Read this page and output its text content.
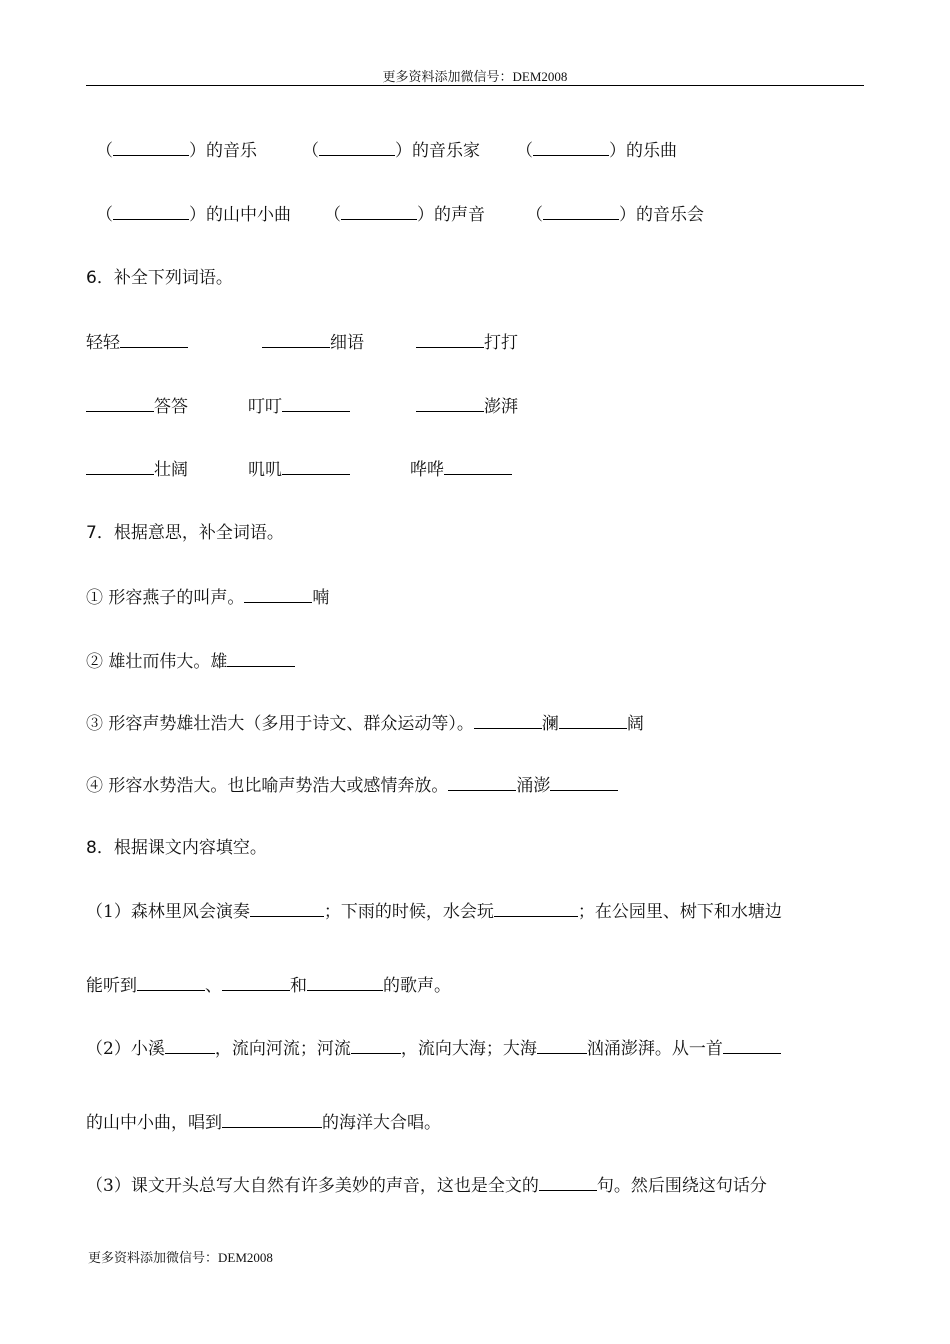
更多资料添加微信号：DEM2008
（	）的音乐	（	）的音乐家 （	）的乐曲
（	）的山中小曲 （	）的声音 （	）的音乐会
6．补全下列词语。
轻轻	细语	打打
答答	叮叮	澎湃
壮阔	叽叽	哗哗
7．根据意思，补全词语。
① 形容燕子的叫声。	喃
② 雄壮而伟大。雄
③ 形容声势雄壮浩大（多用于诗文、群众运动等）。	澜	阔
④ 形容水势浩大。也比喻声势浩大或感情奔放。	涌澎
8．根据课文内容填空。
（1）森林里风会演奏	；下雨的时候，水会玩	；在公园里、树下和水塘边
能听到	、	和	的歌声。
（2）小溪	，流向河流；河流	，流向大海；大海	汹涌澎湃。从一首
的山中小曲，唱到	的海洋大合唱。
（3）课文开头总写大自然有许多美妙的声音，这也是全文的	句。然后围绕这句话分
更多资料添加微信号：DEM2008
